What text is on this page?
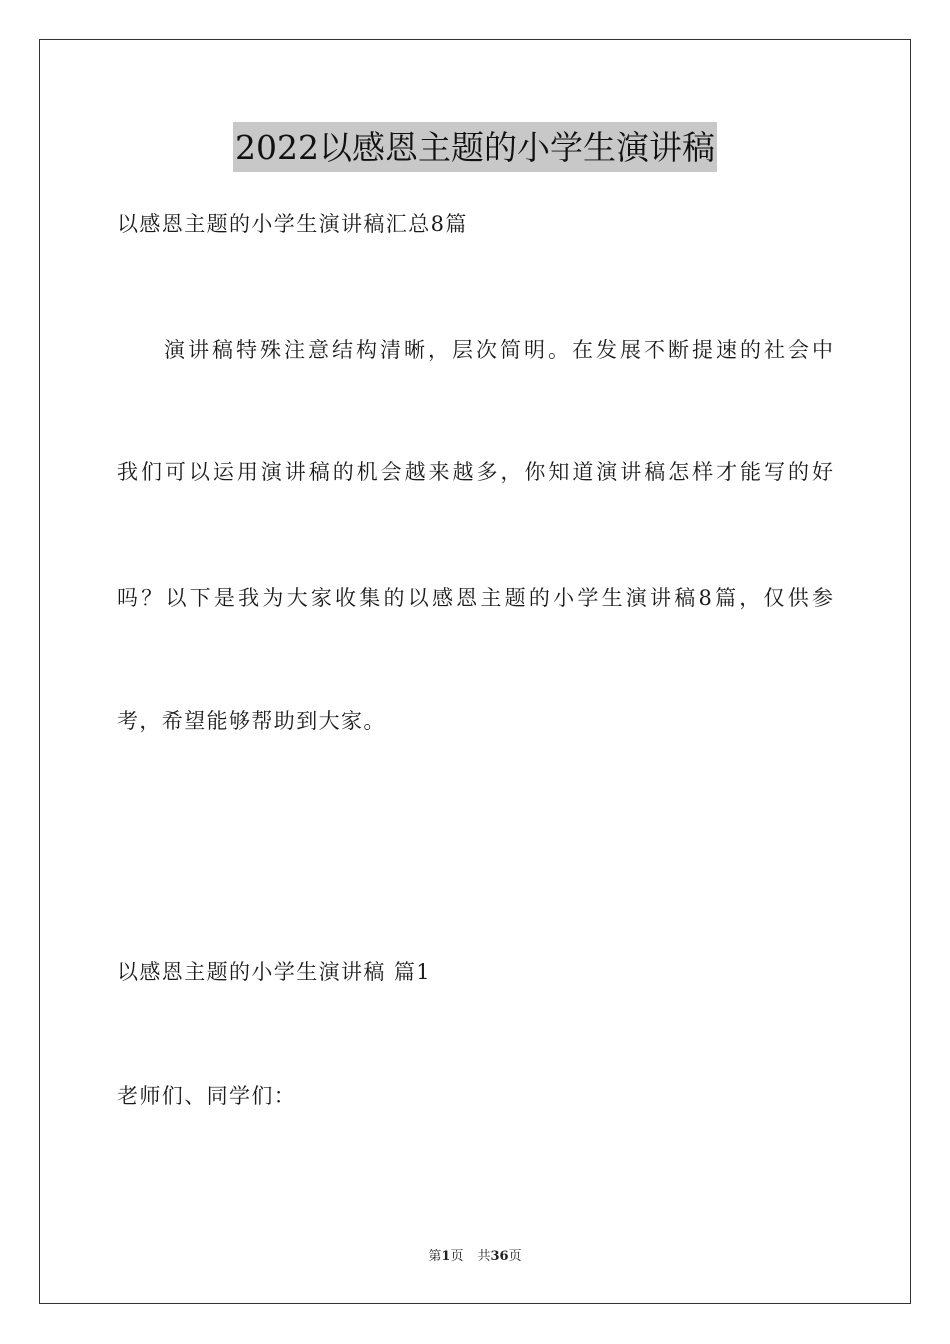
2022以感恩主题的小学生演讲稿
以感恩主题的小学生演讲稿汇总8篇
演讲稿特殊注意结构清晰，层次简明。在发展不断提速的社会中
我们可以运用演讲稿的机会越来越多，你知道演讲稿怎样才能写的好
吗？以下是我为大家收集的以感恩主题的小学生演讲稿8篇，仅供参
考，希望能够帮助到大家。
以感恩主题的小学生演讲稿 篇1
老师们、同学们：
第1页 共36页
